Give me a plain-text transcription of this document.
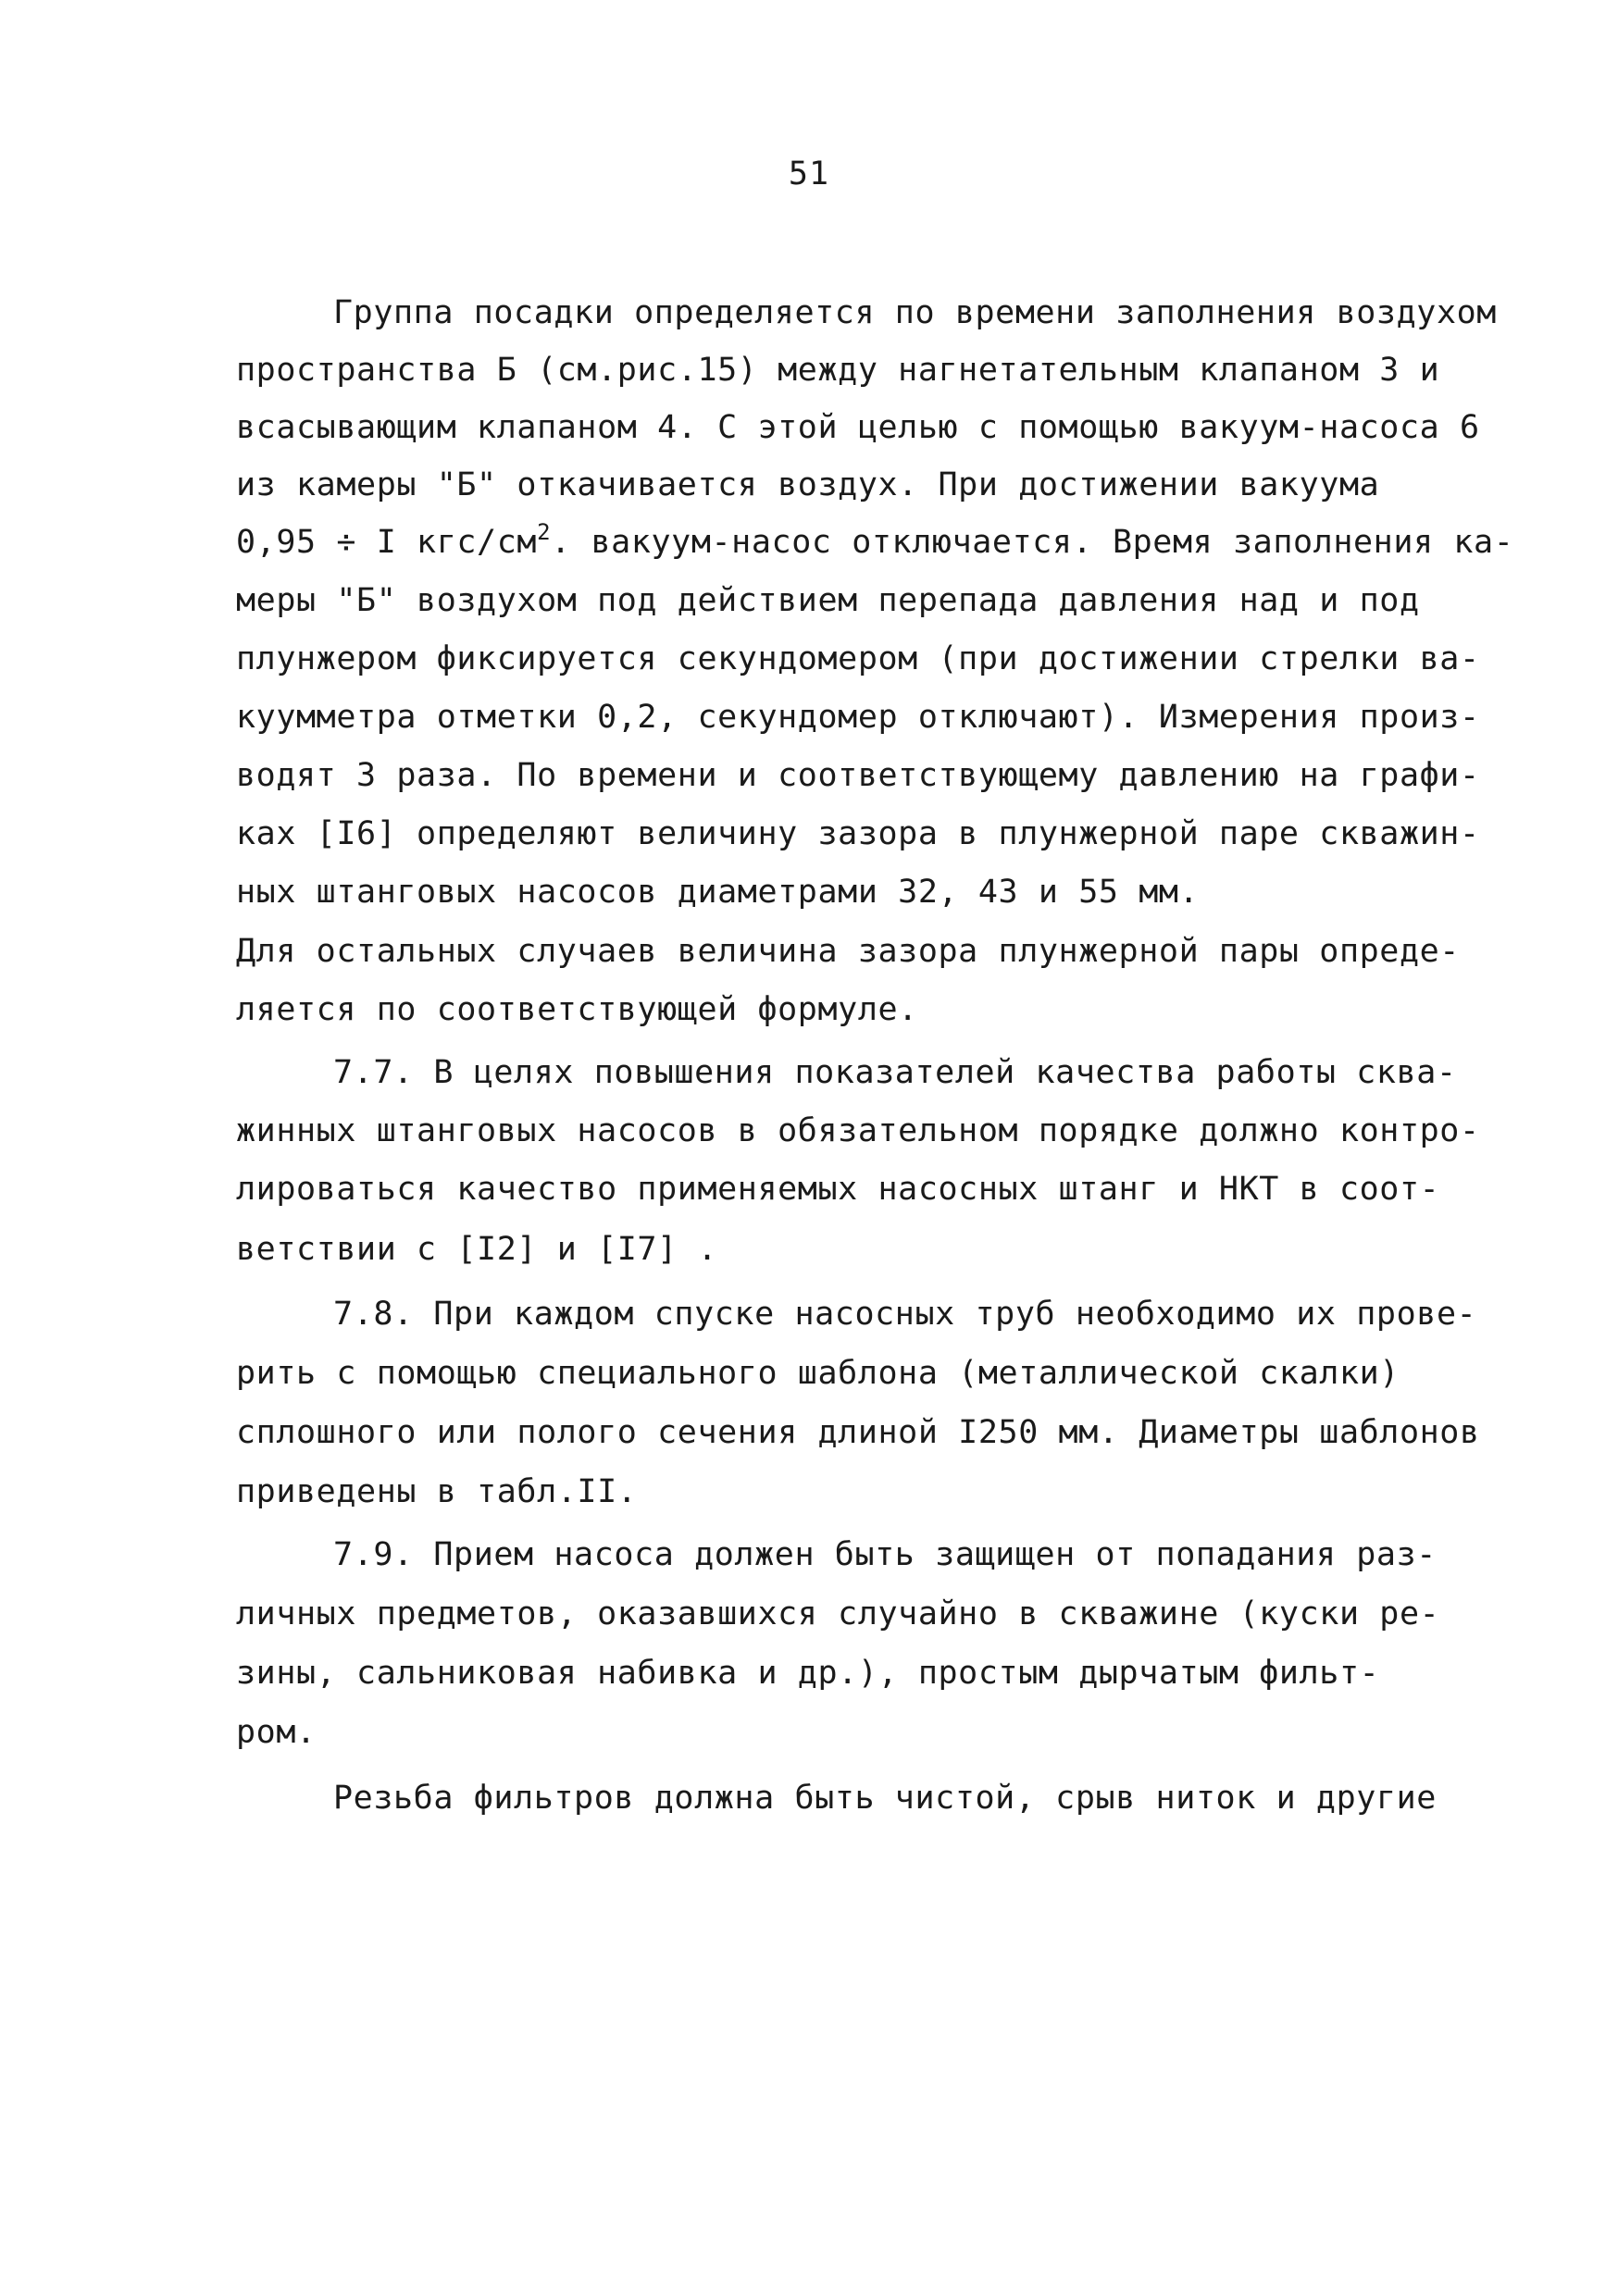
51
Группа посадки определяется по времени заполнения воздухом
пространства Б (см.рис.15) между нагнетательным клапаном 3 и
всасывающим клапаном 4. С этой целью с помощью вакуум-насоса 6
из камеры "Б" откачивается воздух. При достижении вакуума
0,95 ÷ I кгс/$см^2$. вакуум-насос отключается. Время заполнения ка-
меры "Б" воздухом под действием перепада давления над и под
плунжером фиксируется секундомером (при достижении стрелки ва-
куумметра отметки 0,2, секундомер отключают). Измерения произ-
водят 3 раза. По времени и соответствующему давлению на графи-
ках [I6] определяют величину зазора в плунжерной паре скважин-
ных штанговых насосов диаметрами 32, 43 и 55 мм.
Для остальных случаев величина зазора плунжерной пары опреде-
ляется по соответствующей формуле.
7.7. В целях повышения показателей качества работы сква-
жинных штанговых насосов в обязательном порядке должно контро-
лироваться качество применяемых насосных штанг и НКТ в соот-
ветствии с [I2] и [I7] .
7.8. При каждом спуске насосных труб необходимо их прове-
рить с помощью специального шаблона (металлической скалки)
сплошного или полого сечения длиной I250 мм. Диаметры шаблонов
приведены в табл.II.
7.9. Прием насоса должен быть защищен от попадания раз-
личных предметов, оказавшихся случайно в скважине (куски ре-
зины, сальниковая набивка и др.), простым дырчатым фильт-
ром.
Резьба фильтров должна быть чистой, срыв ниток и другие
